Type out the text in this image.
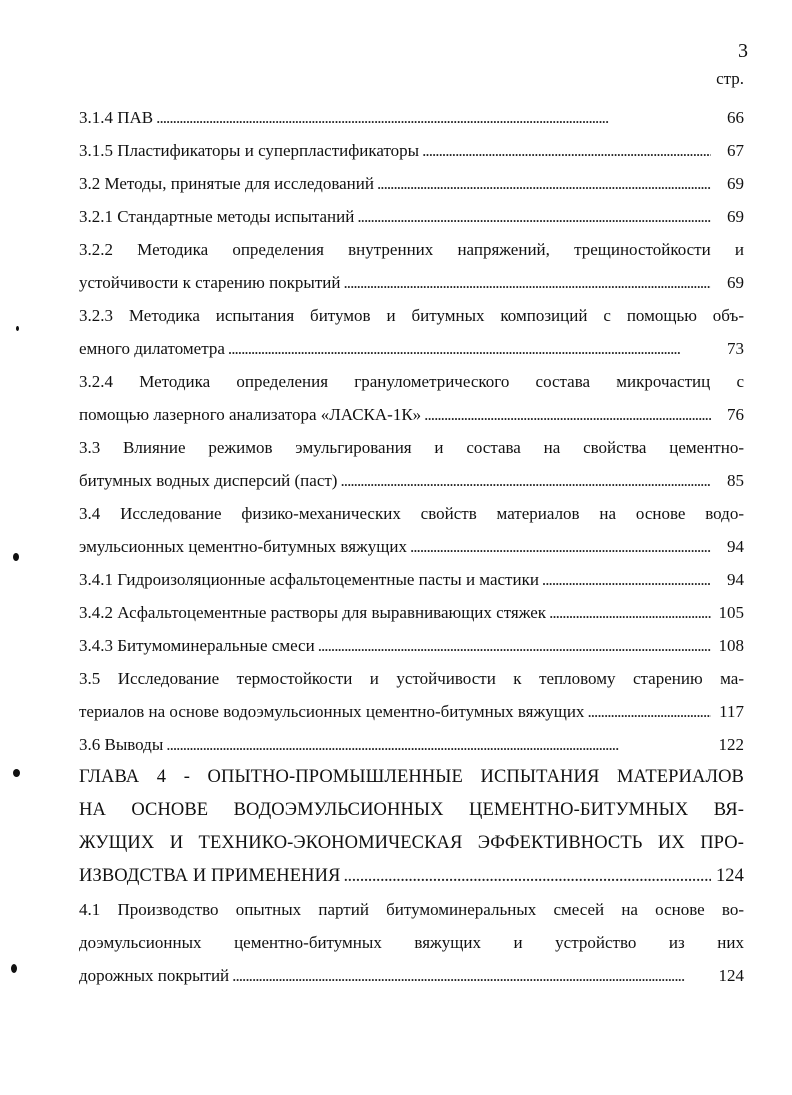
3
стр.
3.1.4 ПАВ . . .	66
3.1.5 Пластификаторы и суперпластификаторы . . .	67
3.2 Методы, принятые для исследований . . .	69
3.2.1 Стандартные методы испытаний . . .	69
3.2.2 Методика определения внутренних напряжений, трещиностойкости и
устойчивости к старению покрытий . . .	69
3.2.3 Методика испытания битумов и битумных композиций с помощью объ-
емного дилатометра . . .	73
3.2.4 Методика определения гранулометрического состава микрочастиц с
помощью лазерного анализатора «ЛАСКА-1К» . . .	76
3.3 Влияние режимов эмульгирования и состава на свойства цементно-
битумных водных дисперсий (паст) . . .	85
3.4 Исследование физико-механических свойств материалов на основе водо-
эмульсионных цементно-битумных вяжущих . . .	94
3.4.1 Гидроизоляционные асфальтоцементные пасты и мастики . . .	94
3.4.2 Асфальтоцементные растворы для выравнивающих стяжек . . .	105
3.4.3 Битумоминеральные смеси . . .	108
3.5 Исследование термостойкости и устойчивости к тепловому старению ма-
териалов на основе водоэмульсионных цементно-битумных вяжущих . . .	117
3.6 Выводы . . .	122
ГЛАВА 4 - ОПЫТНО-ПРОМЫШЛЕННЫЕ ИСПЫТАНИЯ МАТЕРИАЛОВ
НА ОСНОВЕ ВОДОЭМУЛЬСИОННЫХ ЦЕМЕНТНО-БИТУМНЫХ ВЯ-
ЖУЩИХ И ТЕХНИКО-ЭКОНОМИЧЕСКАЯ ЭФФЕКТИВНОСТЬ ИХ ПРО-
ИЗВОДСТВА И ПРИМЕНЕНИЯ . . .	124
4.1 Производство опытных партий битумоминеральных смесей на основе во-
доэмульсионных цементно-битумных вяжущих и устройство из них
дорожных покрытий . . .	124
